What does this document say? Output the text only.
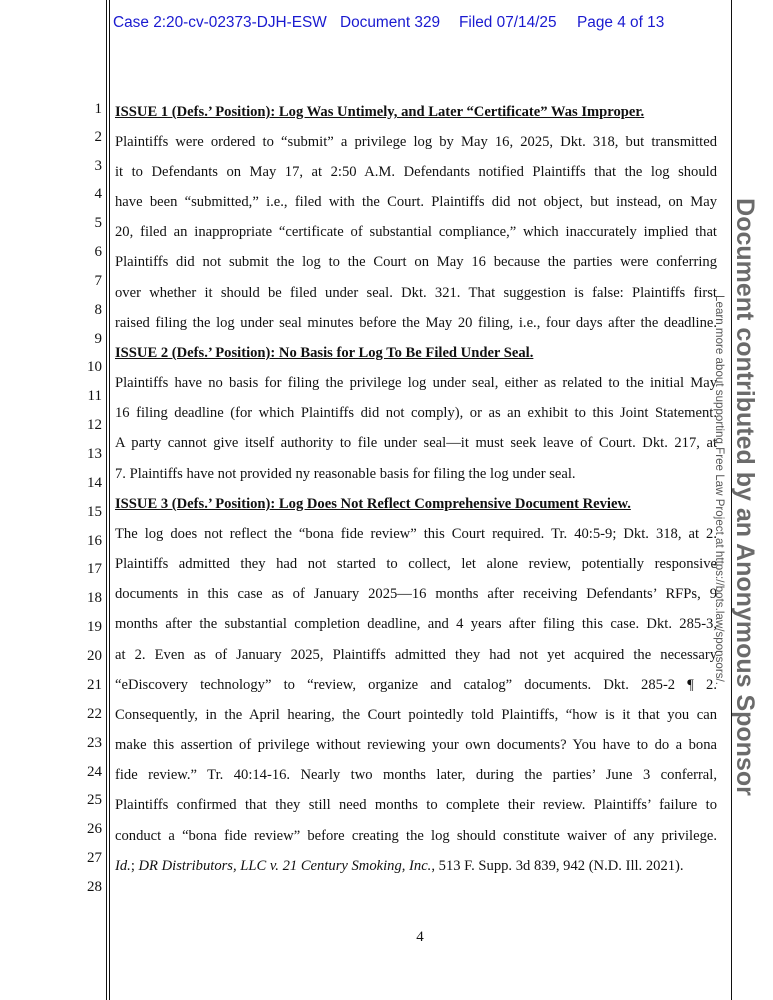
Case 2:20-cv-02373-DJH-ESW Document 329 Filed 07/14/25 Page 4 of 13
1
2
3
4
5
6
7
8
9
10
11
12
13
14
15
16
17
18
19
20
21
22
23
24
25
26
27
28
ISSUE 1 (Defs.’ Position): Log Was Untimely, and Later “Certificate” Was Improper.
Plaintiffs were ordered to “submit” a privilege log by May 16, 2025, Dkt. 318, but transmitted
it to Defendants on May 17, at 2:50 A.M. Defendants notified Plaintiffs that the log should
have been “submitted,” i.e., filed with the Court. Plaintiffs did not object, but instead, on May
20, filed an inappropriate “certificate of substantial compliance,” which inaccurately implied that
Plaintiffs did not submit the log to the Court on May 16 because the parties were conferring
over whether it should be filed under seal. Dkt. 321. That suggestion is false: Plaintiffs first
raised filing the log under seal minutes before the May 20 filing, i.e., four days after the deadline.
ISSUE 2 (Defs.’ Position): No Basis for Log To Be Filed Under Seal.
Plaintiffs have no basis for filing the privilege log under seal, either as related to the initial May
16 filing deadline (for which Plaintiffs did not comply), or as an exhibit to this Joint Statement.
A party cannot give itself authority to file under seal—it must seek leave of Court. Dkt. 217, at
7. Plaintiffs have not provided ny reasonable basis for filing the log under seal.
ISSUE 3 (Defs.’ Position): Log Does Not Reflect Comprehensive Document Review.
The log does not reflect the “bona fide review” this Court required. Tr. 40:5-9; Dkt. 318, at 2.
Plaintiffs admitted they had not started to collect, let alone review, potentially responsive
documents in this case as of January 2025—16 months after receiving Defendants’ RFPs, 9
months after the substantial completion deadline, and 4 years after filing this case. Dkt. 285-3,
at 2. Even as of January 2025, Plaintiffs admitted they had not yet acquired the necessary
“eDiscovery technology” to “review, organize and catalog” documents. Dkt. 285-2 ¶ 2.
Consequently, in the April hearing, the Court pointedly told Plaintiffs, “how is it that you can
make this assertion of privilege without reviewing your own documents? You have to do a bona
fide review.” Tr. 40:14-16. Nearly two months later, during the parties’ June 3 conferral,
Plaintiffs confirmed that they still need months to complete their review. Plaintiffs’ failure to
conduct a “bona fide review” before creating the log should constitute waiver of any privilege.
Id.; DR Distributors, LLC v. 21 Century Smoking, Inc., 513 F. Supp. 3d 839, 942 (N.D. Ill. 2021).
4
Document contributed by an Anonymous Sponsor
Learn more about supporting Free Law Project at https://bots.law/sponsors/.
